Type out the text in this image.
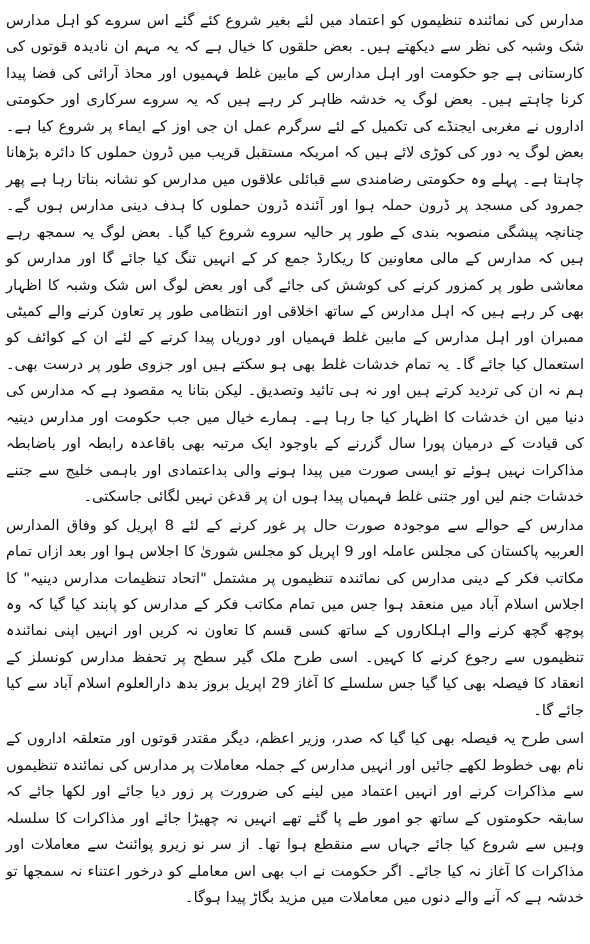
مدارس کی نمائندہ تنظیموں کو اعتماد میں لئے بغیر شروع کئے گئے اس سروے کو اہل مدارس شک وشبہ کی نظر سے دیکھتے ہیں۔ بعض حلقوں کا خیال ہے کہ یہ مہم ان نادیدہ قوتوں کی کارستانی ہے جو حکومت اور اہل مدارس کے مابین غلط فہمیوں اور محاذ آرائی کی فضا پیدا کرنا چاہتے ہیں۔ بعض لوگ یہ خدشہ ظاہر کر رہے ہیں کہ یہ سروے سرکاری اور حکومتی اداروں نے مغربی ایجنڈے کی تکمیل کے لئے سرگرم عمل ان جی اوز کے ایماء پر شروع کیا ہے۔ بعض لوگ یہ دور کی کوڑی لائے ہیں کہ امریکہ مستقبل قریب میں ڈرون حملوں کا دائرہ بڑھانا چاہتا ہے۔ پہلے وہ حکومتی رضامندی سے قبائلی علاقوں میں مدارس کو نشانہ بناتا رہا ہے پھر جمرود کی مسجد پر ڈرون حملہ ہوا اور آئندہ ڈرون حملوں کا ہدف دینی مدارس ہوں گے۔ چنانچہ پیشگی منصوبہ بندی کے طور پر حالیہ سروے شروع کیا گیا۔ بعض لوگ یہ سمجھ رہے ہیں کہ مدارس کے مالی معاونین کا ریکارڈ جمع کر کے انہیں تنگ کیا جائے گا اور مدارس کو معاشی طور پر کمزور کرنے کی کوشش کی جائے گی اور بعض لوگ اس شک وشبہ کا اظہار بھی کر رہے ہیں کہ اہل مدارس کے ساتھ اخلاقی اور انتظامی طور پر تعاون کرنے والے کمیٹی ممبران اور اہل مدارس کے مابین غلط فہمیاں اور دوریاں پیدا کرنے کے لئے ان کے کوائف کو استعمال کیا جائے گا۔ یہ تمام خدشات غلط بھی ہو سکتے ہیں اور جزوی طور پر درست بھی۔ ہم نہ ان کی تردید کرتے ہیں اور نہ ہی تائید وتصدیق۔ لیکن بتانا یہ مقصود ہے کہ مدارس کی دنیا میں ان خدشات کا اظہار کیا جا رہا ہے۔ ہمارے خیال میں جب حکومت اور مدارس دینیہ کی قیادت کے درمیان پورا سال گزرنے کے باوجود ایک مرتبہ بھی باقاعدہ رابطہ اور باضابطہ مذاکرات نہیں ہوئے تو ایسی صورت میں پیدا ہونے والی بداعتمادی اور باہمی خلیج سے جتنے خدشات جنم لیں اور جتنی غلط فہمیاں پیدا ہوں ان پر قدغن نہیں لگائی جاسکتی۔

مدارس کے حوالے سے موجودہ صورت حال پر غور کرنے کے لئے 8 اپریل کو وفاق المدارس العربیہ پاکستان کی مجلس عاملہ اور 9 اپریل کو مجلس شوریٰ کا اجلاس ہوا اور بعد ازاں تمام مکاتب فکر کے دینی مدارس کی نمائندہ تنظیموں پر مشتمل "اتحاد تنظیمات مدارس دینیہ" کا اجلاس اسلام آباد میں منعقد ہوا جس میں تمام مکاتب فکر کے مدارس کو پابند کیا گیا کہ وہ پوچھ گچھ کرنے والے اہلکاروں کے ساتھ کسی قسم کا تعاون نہ کریں اور انہیں اپنی نمائندہ تنظیموں سے رجوع کرنے کا کہیں۔ اسی طرح ملک گیر سطح پر تحفظ مدارس کونسلز کے انعقاد کا فیصلہ بھی کیا گیا جس سلسلے کا آغاز 29 اپریل بروز بدھ دارالعلوم اسلام آباد سے کیا جائے گا۔

اسی طرح یہ فیصلہ بھی کیا گیا کہ صدر، وزیر اعظم، دیگر مقتدر قوتوں اور متعلقہ اداروں کے نام بھی خطوط لکھے جائیں اور انہیں مدارس کے جملہ معاملات پر مدارس کی نمائندہ تنظیموں سے مذاکرات کرنے اور انہیں اعتماد میں لینے کی ضرورت پر زور دیا جائے اور لکھا جائے کہ سابقہ حکومتوں کے ساتھ جو امور طے پا گئے تھے انہیں نہ چھیڑا جائے اور مذاکرات کا سلسلہ وہیں سے شروع کیا جائے جہاں سے منقطع ہوا تھا۔ از سر نو زیرو پوائنٹ سے معاملات اور مذاکرات کا آغاز نہ کیا جائے۔ اگر حکومت نے اب بھی اس معاملے کو درخور اعتناء نہ سمجھا تو خدشہ ہے کہ آنے والے دنوں میں معاملات میں مزید بگاڑ پیدا ہوگا۔
